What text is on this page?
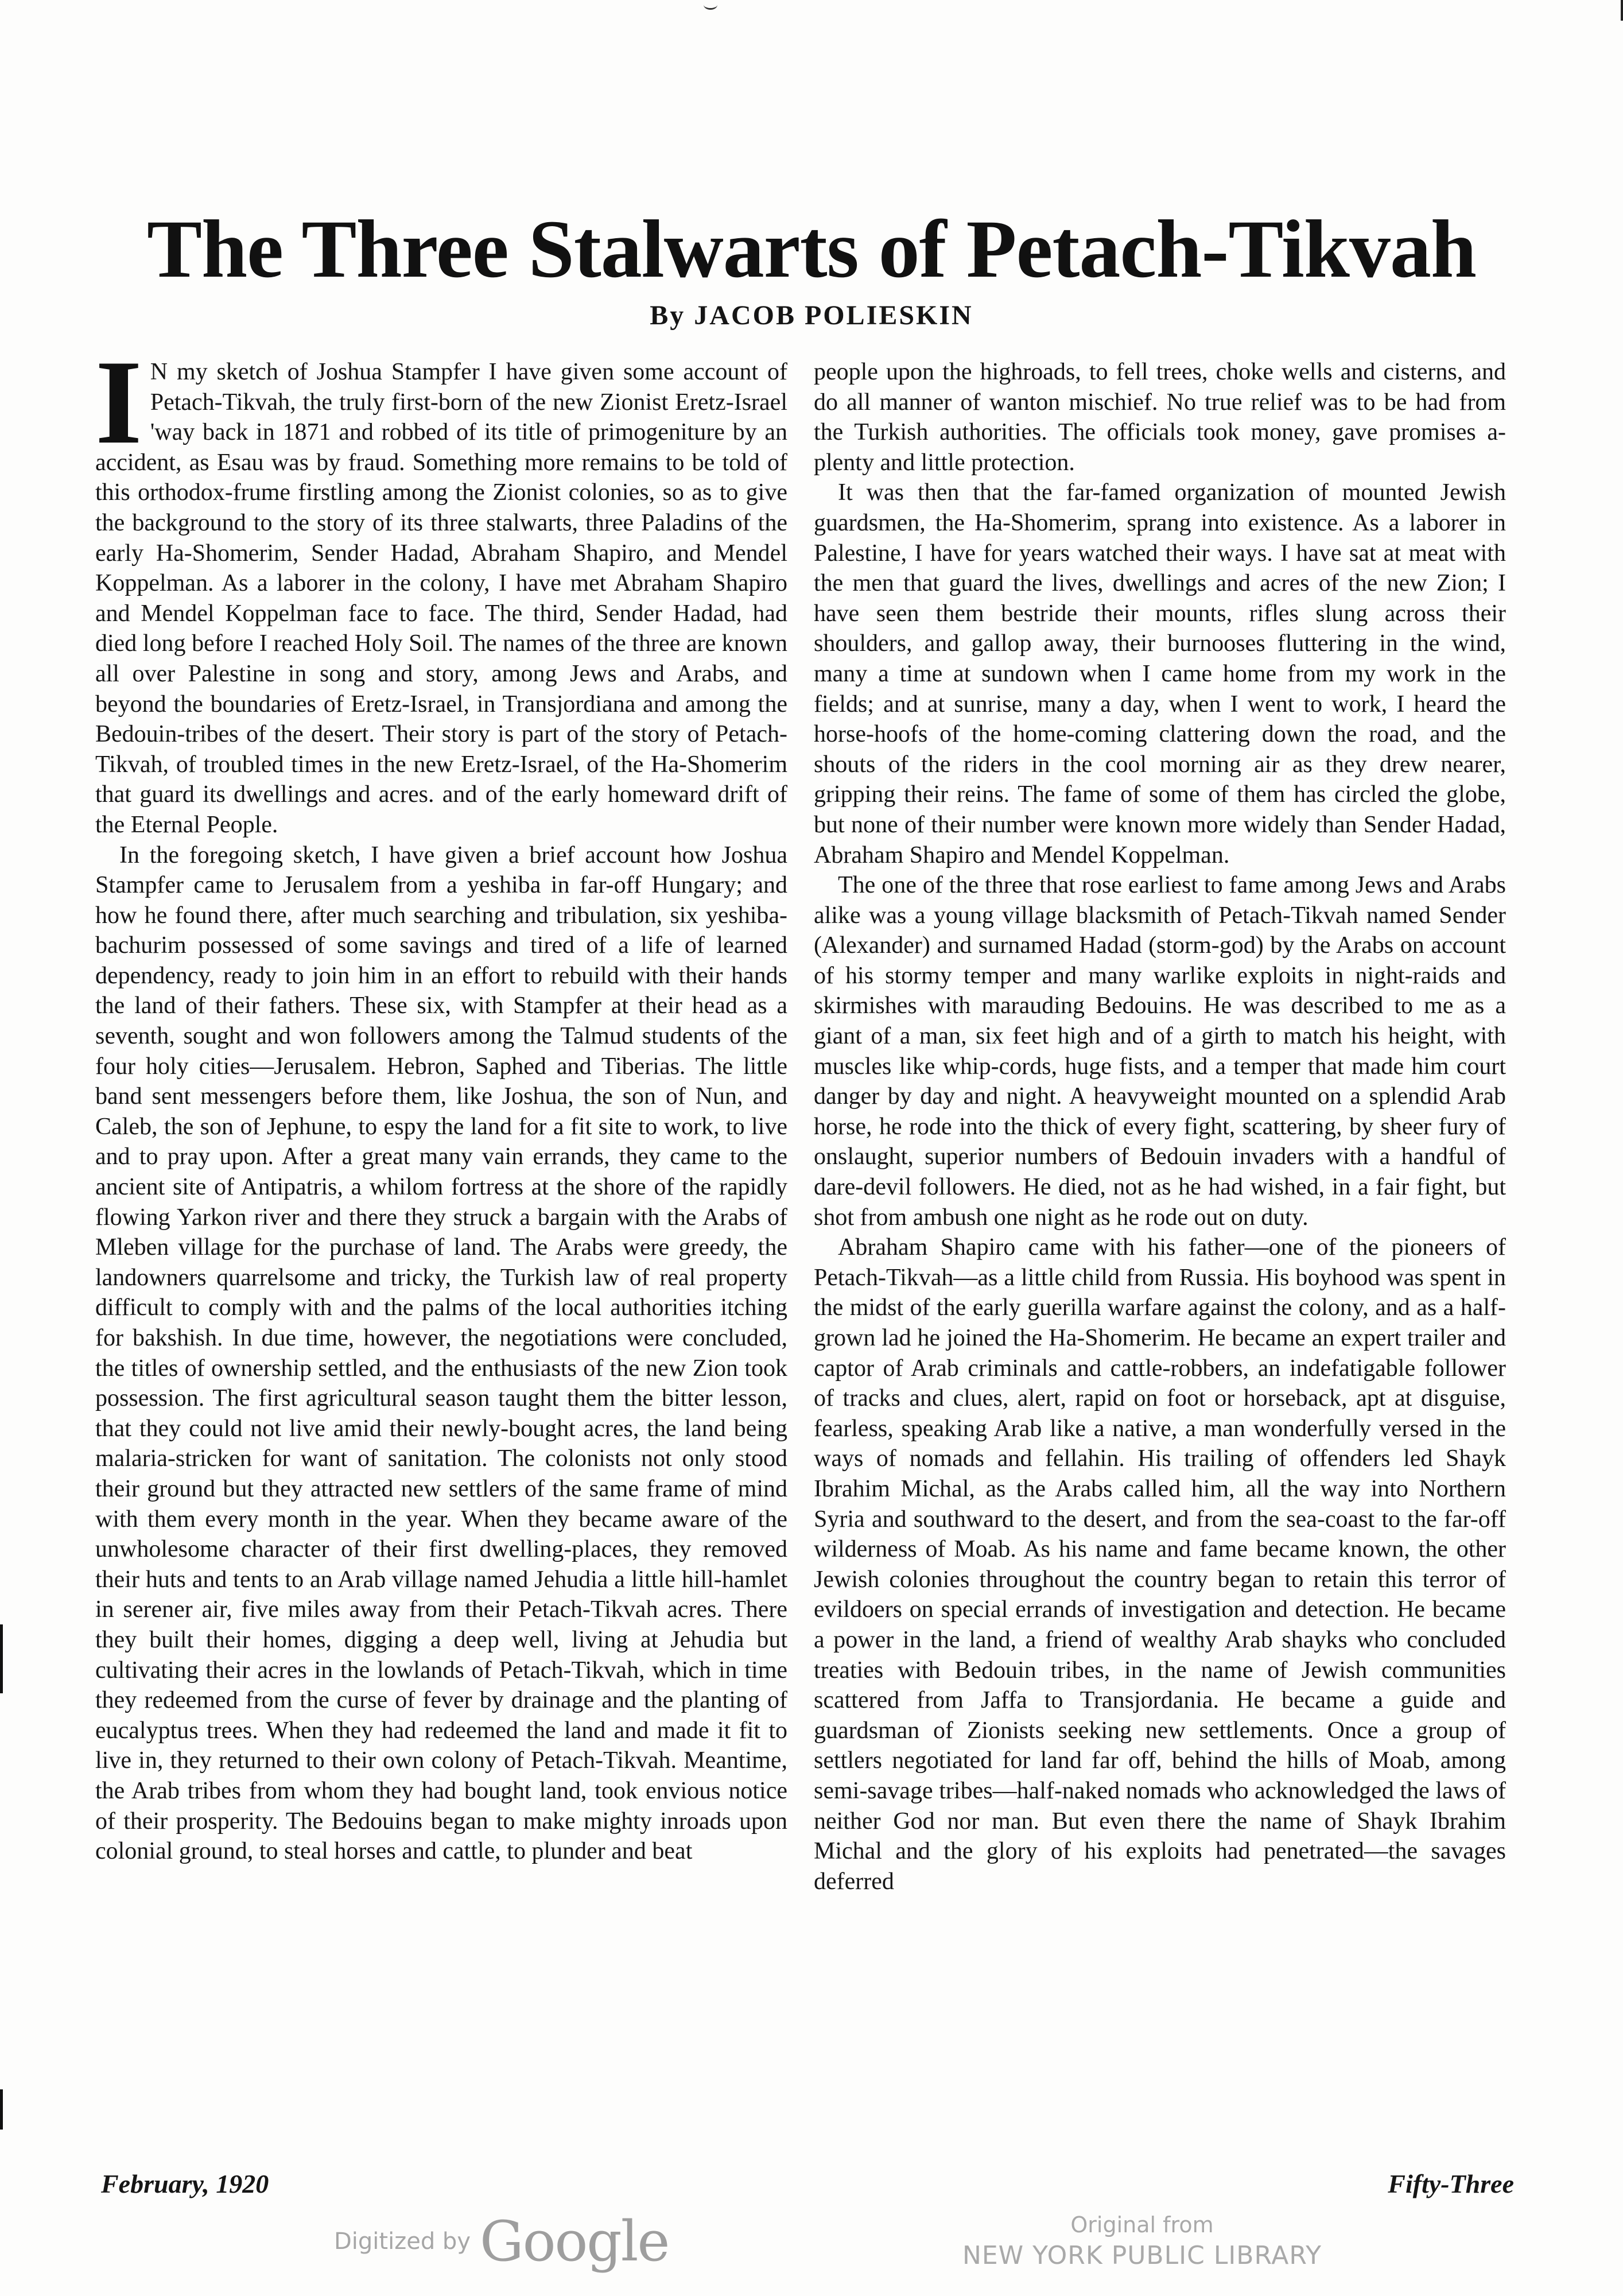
The Three Stalwarts of Petach-Tikvah
By JACOB POLIESKIN

I N my sketch of Joshua Stampfer I have given some account of Petach-Tikvah, the truly first-born of the new Zionist Eretz-Israel 'way back in 1871 and robbed of its title of primogeniture by an accident, as Esau was by fraud. Something more remains to be told of this orthodox-frume firstling among the Zionist colonies, so as to give the background to the story of its three stalwarts, three Paladins of the early Ha-Shomerim, Sender Hadad, Abraham Shapiro, and Mendel Koppelman. As a laborer in the colony, I have met Abraham Shapiro and Mendel Koppelman face to face. The third, Sender Hadad, had died long before I reached Holy Soil. The names of the three are known all over Palestine in song and story, among Jews and Arabs, and beyond the boundaries of Eretz-Israel, in Transjordiana and among the Bedouin-tribes of the desert. Their story is part of the story of Petach-Tikvah, of troubled times in the new Eretz-Israel, of the Ha-Shomerim that guard its dwellings and acres. and of the early homeward drift of the Eternal People.

In the foregoing sketch, I have given a brief account how Joshua Stampfer came to Jerusalem from a yeshiba in far-off Hungary; and how he found there, after much searching and tribulation, six yeshiba-bachurim possessed of some savings and tired of a life of learned dependency, ready to join him in an effort to rebuild with their hands the land of their fathers. These six, with Stampfer at their head as a seventh, sought and won followers among the Talmud students of the four holy cities—Jerusalem. Hebron, Saphed and Tiberias. The little band sent messengers before them, like Joshua, the son of Nun, and Caleb, the son of Jephune, to espy the land for a fit site to work, to live and to pray upon. After a great many vain errands, they came to the ancient site of Antipatris, a whilom fortress at the shore of the rapidly flowing Yarkon river and there they struck a bargain with the Arabs of Mleben village for the purchase of land. The Arabs were greedy, the landowners quarrelsome and tricky, the Turkish law of real property difficult to comply with and the palms of the local authorities itching for bakshish. In due time, however, the negotiations were concluded, the titles of ownership settled, and the enthusiasts of the new Zion took possession. The first agricultural season taught them the bitter lesson, that they could not live amid their newly-bought acres, the land being malaria-stricken for want of sanitation. The colonists not only stood their ground but they attracted new settlers of the same frame of mind with them every month in the year. When they became aware of the unwholesome character of their first dwelling-places, they removed their huts and tents to an Arab village named Jehudia a little hill-hamlet in serener air, five miles away from their Petach-Tikvah acres. There they built their homes, digging a deep well, living at Jehudia but cultivating their acres in the lowlands of Petach-Tikvah, which in time they redeemed from the curse of fever by drainage and the planting of eucalyptus trees. When they had redeemed the land and made it fit to live in, they returned to their own colony of Petach-Tikvah. Meantime, the Arab tribes from whom they had bought land, took envious notice of their prosperity. The Bedouins began to make mighty inroads upon colonial ground, to steal horses and cattle, to plunder and beat

people upon the highroads, to fell trees, choke wells and cisterns, and do all manner of wanton mischief. No true relief was to be had from the Turkish authorities. The officials took money, gave promises a-plenty and little protection.

It was then that the far-famed organization of mounted Jewish guardsmen, the Ha-Shomerim, sprang into existence. As a laborer in Palestine, I have for years watched their ways. I have sat at meat with the men that guard the lives, dwellings and acres of the new Zion; I have seen them bestride their mounts, rifles slung across their shoulders, and gallop away, their burnooses fluttering in the wind, many a time at sundown when I came home from my work in the fields; and at sunrise, many a day, when I went to work, I heard the horse-hoofs of the home-coming clattering down the road, and the shouts of the riders in the cool morning air as they drew nearer, gripping their reins. The fame of some of them has circled the globe, but none of their number were known more widely than Sender Hadad, Abraham Shapiro and Mendel Koppelman.

The one of the three that rose earliest to fame among Jews and Arabs alike was a young village blacksmith of Petach-Tikvah named Sender (Alexander) and surnamed Hadad (storm-god) by the Arabs on account of his stormy temper and many warlike exploits in night-raids and skirmishes with marauding Bedouins. He was described to me as a giant of a man, six feet high and of a girth to match his height, with muscles like whip-cords, huge fists, and a temper that made him court danger by day and night. A heavyweight mounted on a splendid Arab horse, he rode into the thick of every fight, scattering, by sheer fury of onslaught, superior numbers of Bedouin invaders with a handful of dare-devil followers. He died, not as he had wished, in a fair fight, but shot from ambush one night as he rode out on duty.

Abraham Shapiro came with his father—one of the pioneers of Petach-Tikvah—as a little child from Russia. His boyhood was spent in the midst of the early guerilla warfare against the colony, and as a half-grown lad he joined the Ha-Shomerim. He became an expert trailer and captor of Arab criminals and cattle-robbers, an indefatigable follower of tracks and clues, alert, rapid on foot or horseback, apt at disguise, fearless, speaking Arab like a native, a man wonderfully versed in the ways of nomads and fellahin. His trailing of offenders led Shayk Ibrahim Michal, as the Arabs called him, all the way into Northern Syria and southward to the desert, and from the sea-coast to the far-off wilderness of Moab. As his name and fame became known, the other Jewish colonies throughout the country began to retain this terror of evildoers on special errands of investigation and detection. He became a power in the land, a friend of wealthy Arab shayks who concluded treaties with Bedouin tribes, in the name of Jewish communities scattered from Jaffa to Transjordania. He became a guide and guardsman of Zionists seeking new settlements. Once a group of settlers negotiated for land far off, behind the hills of Moab, among semi-savage tribes—half-naked nomads who acknowledged the laws of neither God nor man. But even there the name of Shayk Ibrahim Michal and the glory of his exploits had penetrated—the savages deferred

February, 1920	Fifty-Three
Digitized by Google	Original from
NEW YORK PUBLIC LIBRARY
